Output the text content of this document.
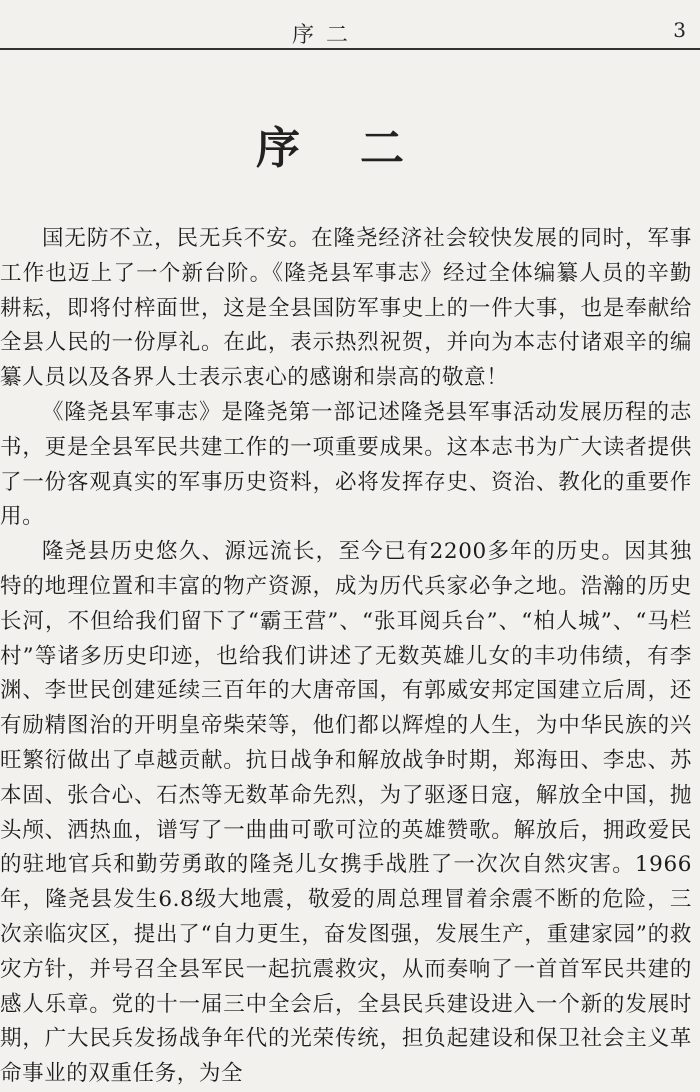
序二	3
序二

国无防不立，民无兵不安。在隆尧经济社会较快发展的同时，军事工作也迈上了一个新台阶。《隆尧县军事志》经过全体编纂人员的辛勤耕耘，即将付梓面世，这是全县国防军事史上的一件大事，也是奉献给全县人民的一份厚礼。在此，表示热烈祝贺，并向为本志付诸艰辛的编纂人员以及各界人士表示衷心的感谢和崇高的敬意！

《隆尧县军事志》是隆尧第一部记述隆尧县军事活动发展历程的志书，更是全县军民共建工作的一项重要成果。这本志书为广大读者提供了一份客观真实的军事历史资料，必将发挥存史、资治、教化的重要作用。

隆尧县历史悠久、源远流长，至今已有2200多年的历史。因其独特的地理位置和丰富的物产资源，成为历代兵家必争之地。浩瀚的历史长河，不但给我们留下了“霸王营”、“张耳阅兵台”、“柏人城”、“马栏村”等诸多历史印迹，也给我们讲述了无数英雄儿女的丰功伟绩，有李渊、李世民创建延续三百年的大唐帝国，有郭威安邦定国建立后周，还有励精图治的开明皇帝柴荣等，他们都以辉煌的人生，为中华民族的兴旺繁衍做出了卓越贡献。抗日战争和解放战争时期，郑海田、李忠、苏本固、张合心、石杰等无数革命先烈，为了驱逐日寇，解放全中国，抛头颅、洒热血，谱写了一曲曲可歌可泣的英雄赞歌。解放后，拥政爱民的驻地官兵和勤劳勇敢的隆尧儿女携手战胜了一次次自然灾害。1966年，隆尧县发生6.8级大地震，敬爱的周总理冒着余震不断的危险，三次亲临灾区，提出了“自力更生，奋发图强，发展生产，重建家园”的救灾方针，并号召全县军民一起抗震救灾，从而奏响了一首首军民共建的感人乐章。党的十一届三中全会后，全县民兵建设进入一个新的发展时期，广大民兵发扬战争年代的光荣传统，担负起建设和保卫社会主义革命事业的双重任务，为全
